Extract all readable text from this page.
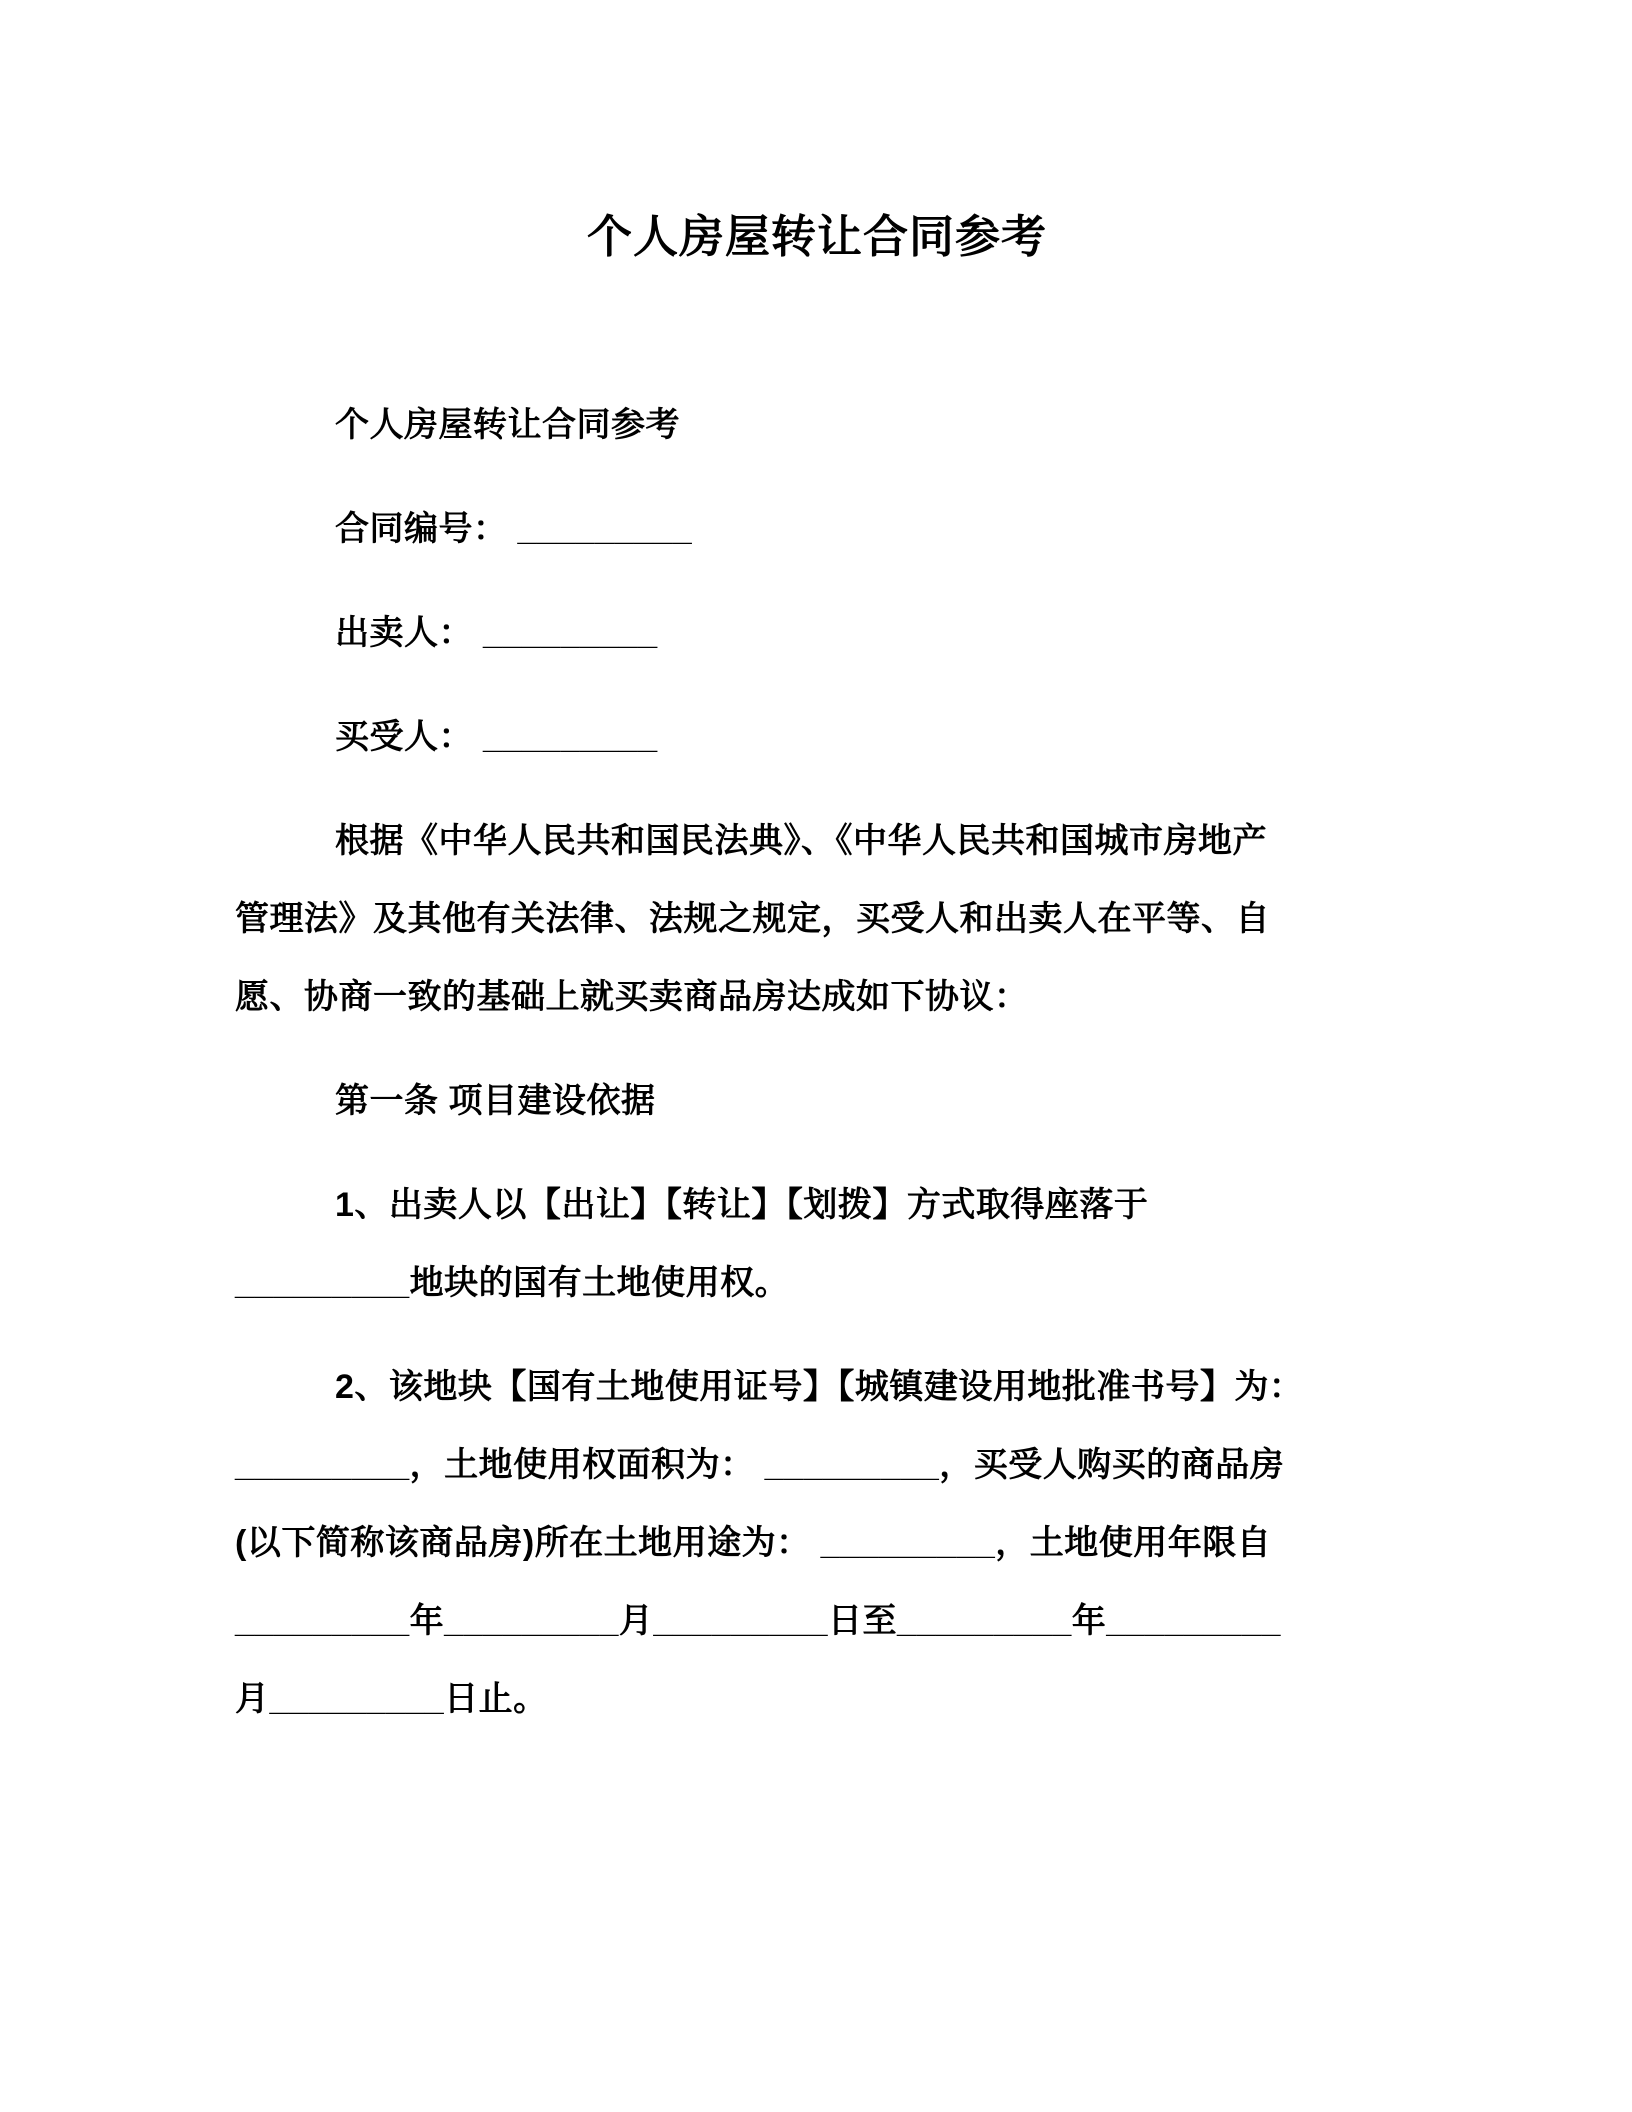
个人房屋转让合同参考

个人房屋转让合同参考

合同编号： _________

出卖人： _________

买受人： _________

根据《中华人民共和国民法典》、《中华人民共和国城市房地产

管理法》及其他有关法律、法规之规定，买受人和出卖人在平等、自

愿、协商一致的基础上就买卖商品房达成如下协议：

第一条 项目建设依据

1、出卖人以【出让】【转让】【划拨】方式取得座落于

_________地块的国有土地使用权。

2、该地块【国有土地使用证号】【城镇建设用地批准书号】为：

_________，土地使用权面积为： _________，买受人购买的商品房

(以下简称该商品房)所在土地用途为： _________，土地使用年限自

_________年_________月_________日至_________年_________

月_________日止。
